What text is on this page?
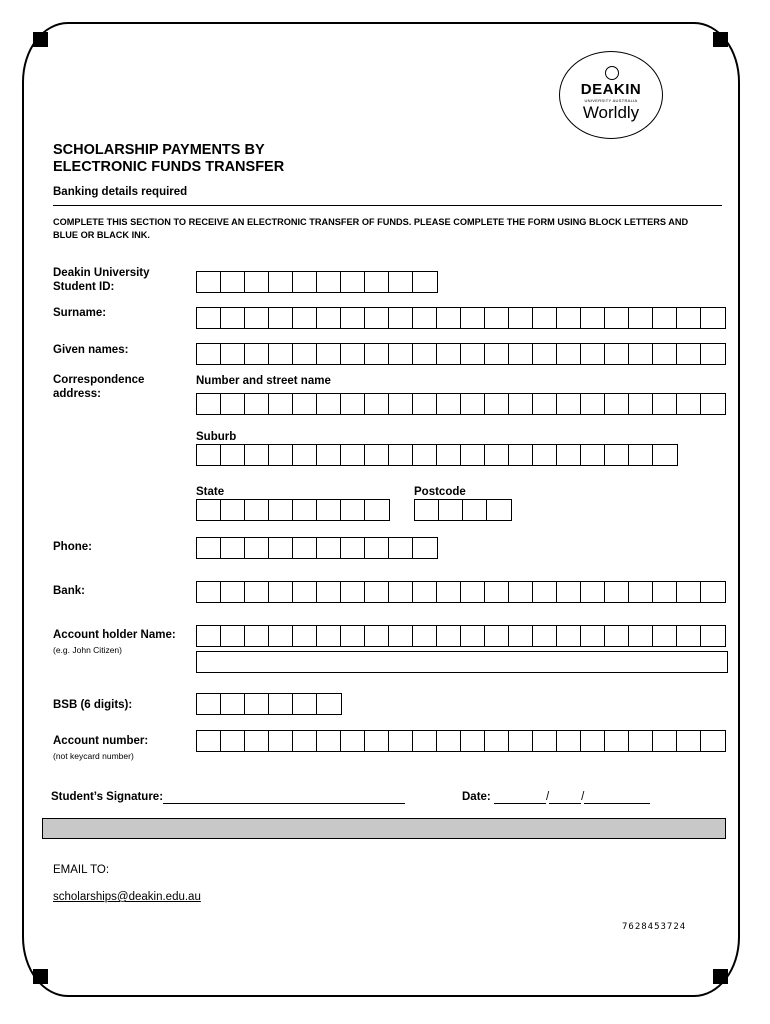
DEAKIN
UNIVERSITY AUSTRALIA
Worldly
SCHOLARSHIP PAYMENTS BY
ELECTRONIC FUNDS TRANSFER
Banking details required
COMPLETE THIS SECTION TO RECEIVE AN ELECTRONIC TRANSFER OF FUNDS. PLEASE COMPLETE THE FORM USING BLOCK LETTERS AND BLUE OR BLACK INK.
Deakin University
Student ID:
Surname:
Given names:
Correspondence
address:
Number and street name
Suburb
State	Postcode
Phone:
Bank:
Account holder Name:
(e.g. John Citizen)
BSB (6 digits):
Account number:
(not keycard number)
Student’s Signature:	Date:	/	/
EMAIL TO:
scholarships@deakin.edu.au
7628453724
